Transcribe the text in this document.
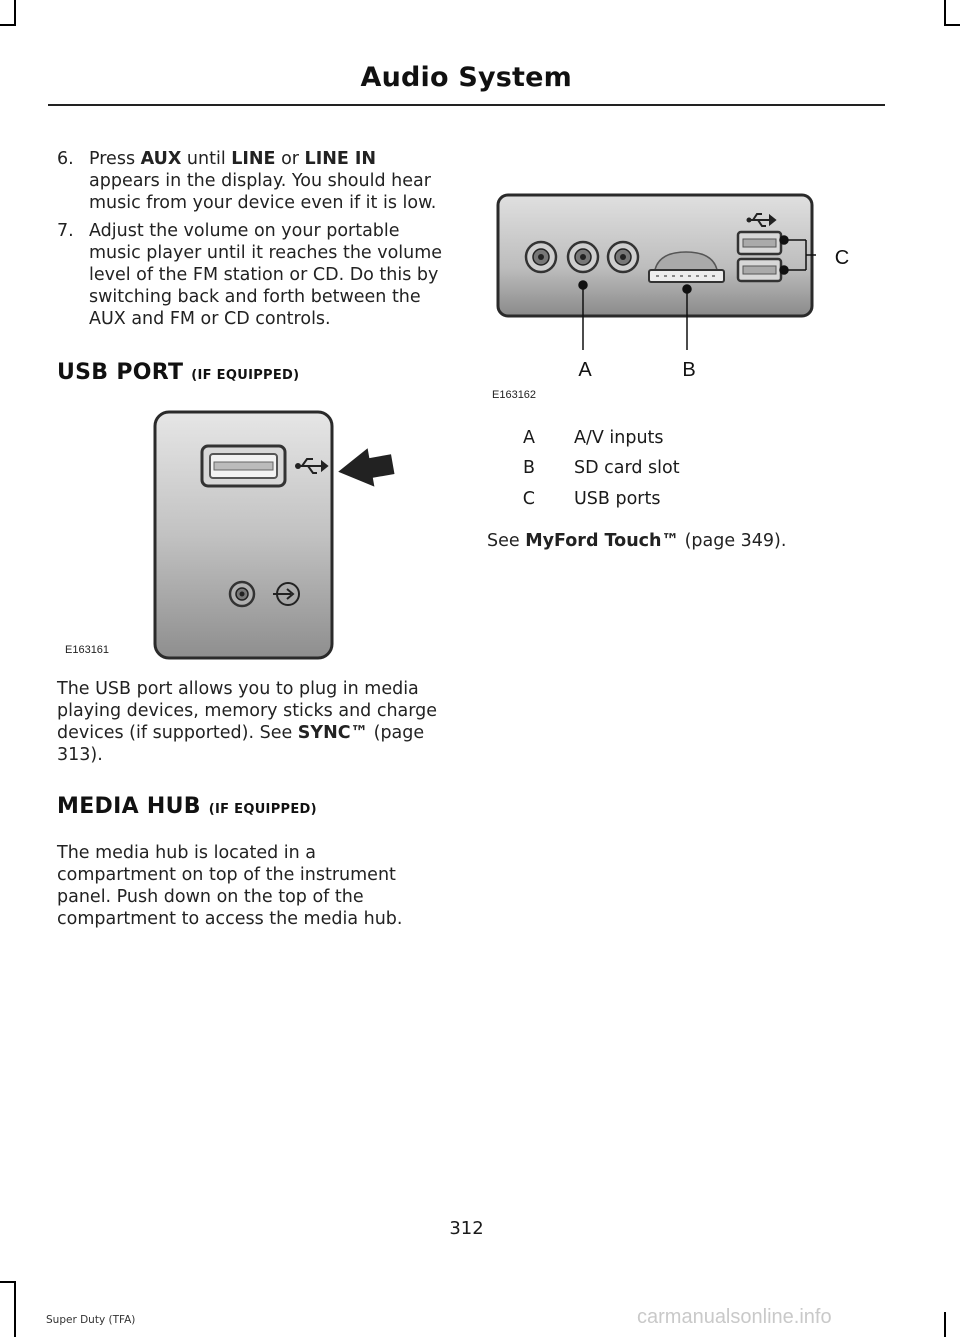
Audio System
6. Press AUX until LINE or LINE IN appears in the display. You should hear music from your device even if it is low.
7. Adjust the volume on your portable music player until it reaches the volume level of the FM station or CD. Do this by switching back and forth between the AUX and FM or CD controls.
USB PORT (IF EQUIPPED)
E163161
The USB port allows you to plug in media playing devices, memory sticks and charge devices (if supported). See SYNC™ (page 313).
MEDIA HUB (IF EQUIPPED)
The media hub is located in a compartment on top of the instrument panel. Push down on the top of the compartment to access the media hub.
A	B
C
E163162
A A/V inputs
B SD card slot
C USB ports
See MyFord Touch™ (page 349).
312
Super Duty (TFA)	carmanualsonline.info
